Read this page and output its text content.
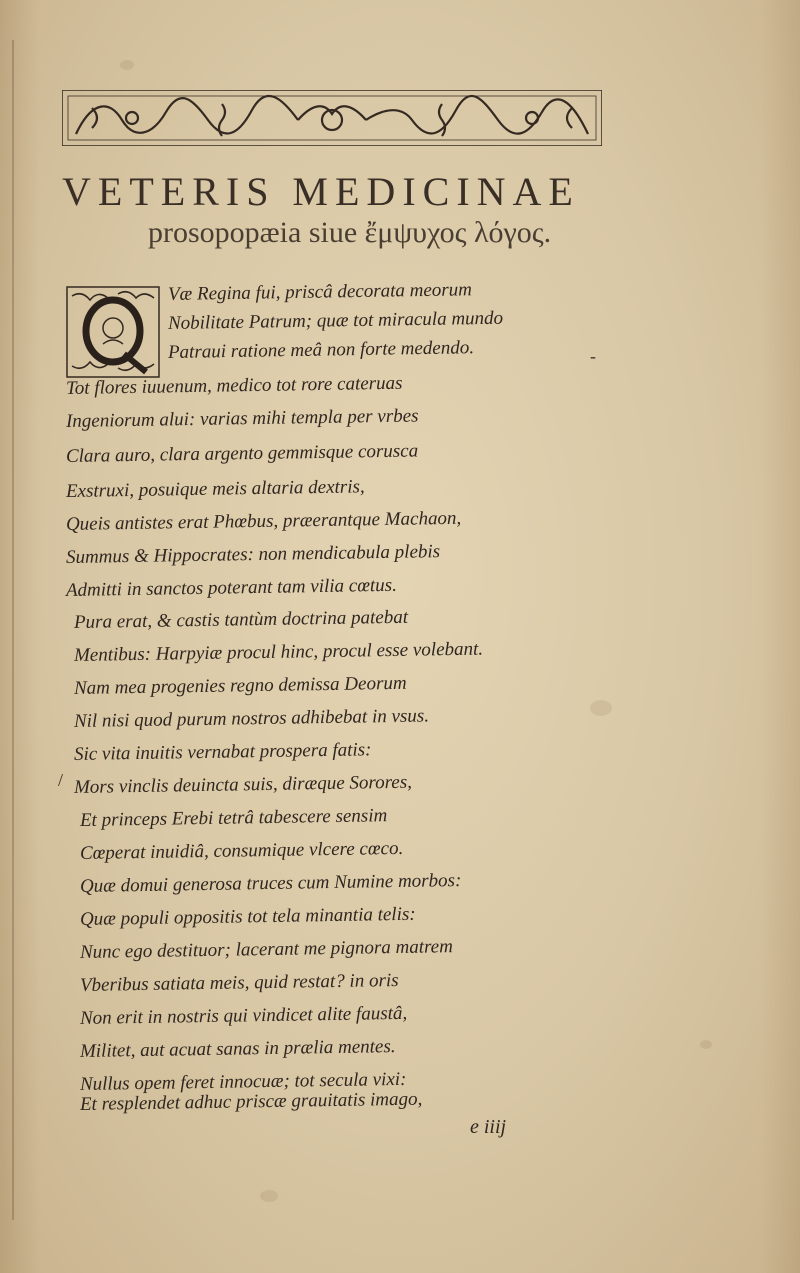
VETERIS MEDICINAE
prosopopæia siue ἔμψυχος λόγος.

Væ Regina fui, priscâ decorata meorum

Nobilitate Patrum; quæ tot miracula mundo

Patraui ratione meâ non forte medendo.	-

Tot flores iuuenum, medico tot rore cateruas

Ingeniorum alui: varias mihi templa per vrbes

Clara auro, clara argento gemmisque corusca

Exstruxi, posuique meis altaria dextris,

Queis antistes erat Phœbus, præerantque Machaon,

Summus & Hippocrates: non mendicabula plebis

Admitti in sanctos poterant tam vilia cœtus.

Pura erat, & castis tantùm doctrina patebat

Mentibus: Harpyiæ procul hinc, procul esse volebant.

Nam mea progenies regno demissa Deorum

Nil nisi quod purum nostros adhibebat in vsus.

Sic vita inuitis vernabat prospera fatis:

/ Mors vinclis deuincta suis, diræque Sorores,

Et princeps Erebi tetrâ tabescere sensim

Cœperat inuidiâ, consumique vlcere cœco.

Quæ domui generosa truces cum Numine morbos:

Quæ populi oppositis tot tela minantia telis:

Nunc ego destituor; lacerant me pignora matrem

Vberibus satiata meis, quid restat? in oris

Non erit in nostris qui vindicet alite faustâ,

Militet, aut acuat sanas in prælia mentes.

Nullus opem feret innocuæ; tot secula vixi:

Et resplendet adhuc priscæ grauitatis imago,

e iiij
